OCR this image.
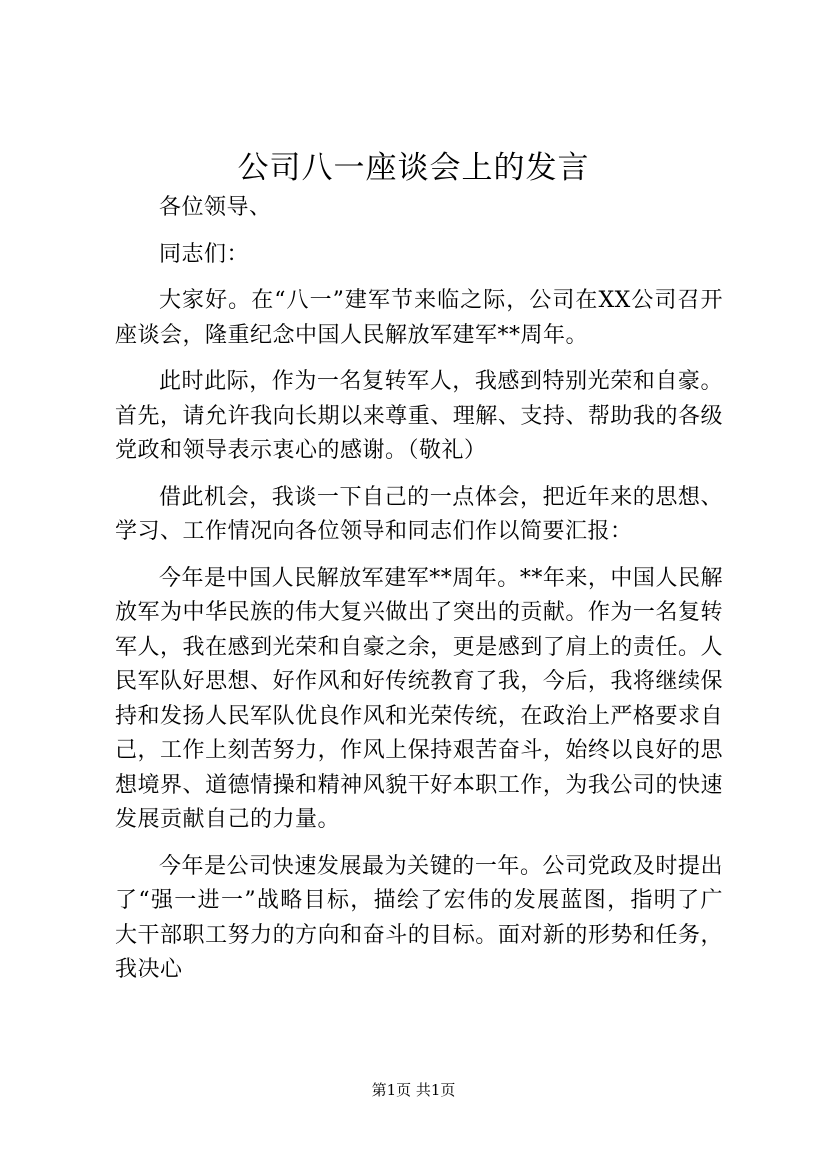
公司八一座谈会上的发言

各位领导、

同志们：

大家好。在“八一”建军节来临之际，公司在XX公司召开座谈会，隆重纪念中国人民解放军建军**周年。

此时此际，作为一名复转军人，我感到特别光荣和自豪。首先，请允许我向长期以来尊重、理解、支持、帮助我的各级党政和领导表示衷心的感谢。（敬礼）

借此机会，我谈一下自己的一点体会，把近年来的思想、学习、工作情况向各位领导和同志们作以简要汇报：

今年是中国人民解放军建军**周年。**年来，中国人民解放军为中华民族的伟大复兴做出了突出的贡献。作为一名复转军人，我在感到光荣和自豪之余，更是感到了肩上的责任。人民军队好思想、好作风和好传统教育了我，今后，我将继续保持和发扬人民军队优良作风和光荣传统，在政治上严格要求自己，工作上刻苦努力，作风上保持艰苦奋斗，始终以良好的思想境界、道德情操和精神风貌干好本职工作，为我公司的快速发展贡献自己的力量。

今年是公司快速发展最为关键的一年。公司党政及时提出了“强一进一”战略目标，描绘了宏伟的发展蓝图，指明了广大干部职工努力的方向和奋斗的目标。面对新的形势和任务，我决心

第1页 共1页
